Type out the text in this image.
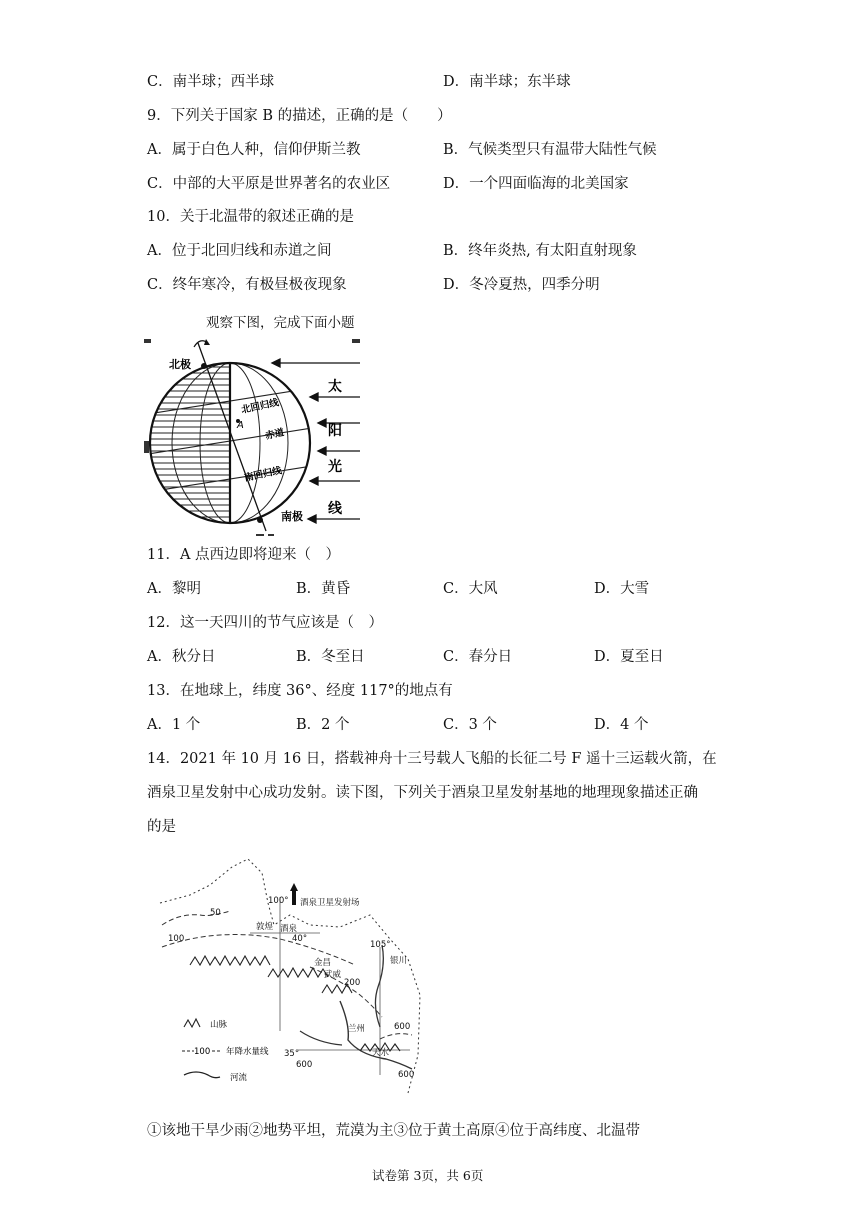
C．南半球；西半球	D．南半球；东半球
9．下列关于国家 B 的描述，正确的是（　　）
A．属于白色人种，信仰伊斯兰教	B．气候类型只有温带大陆性气候
C．中部的大平原是世界著名的农业区	D．一个四面临海的北美国家
10．关于北温带的叙述正确的是
A．位于北回归线和赤道之间	B．终年炎热, 有太阳直射现象
C．终年寒冷，有极昼极夜现象	D．冬冷夏热，四季分明
观察下图，完成下面小题
北极
南极
A
北回归线
赤道
南回归线
太
阳
光
线
11．A 点西边即将迎来（　）
A．黎明	B．黄昏	C．大风	D．大雪
12．这一天四川的节气应该是（　）
A．秋分日	B．冬至日	C．春分日	D．夏至日
13．在地球上，纬度 36°、经度 117°的地点有
A．1 个	B．2 个	C．3 个	D．4 个
14．2021 年 10 月 16 日，搭载神舟十三号载人飞船的长征二号 F 遥十三运载火箭，在
酒泉卫星发射中心成功发射。读下图，下列关于酒泉卫星发射基地的地理现象描述正确
的是
酒泉卫星发射场
100°
105°
40°
35°
敦煌 酒泉
金昌	银川
兰州
天水
武威
50
100
200
600
600
600
山脉
100 年降水量线
河流
①该地干旱少雨②地势平坦，荒漠为主③位于黄土高原④位于高纬度、北温带
试卷第 3页，共 6页
